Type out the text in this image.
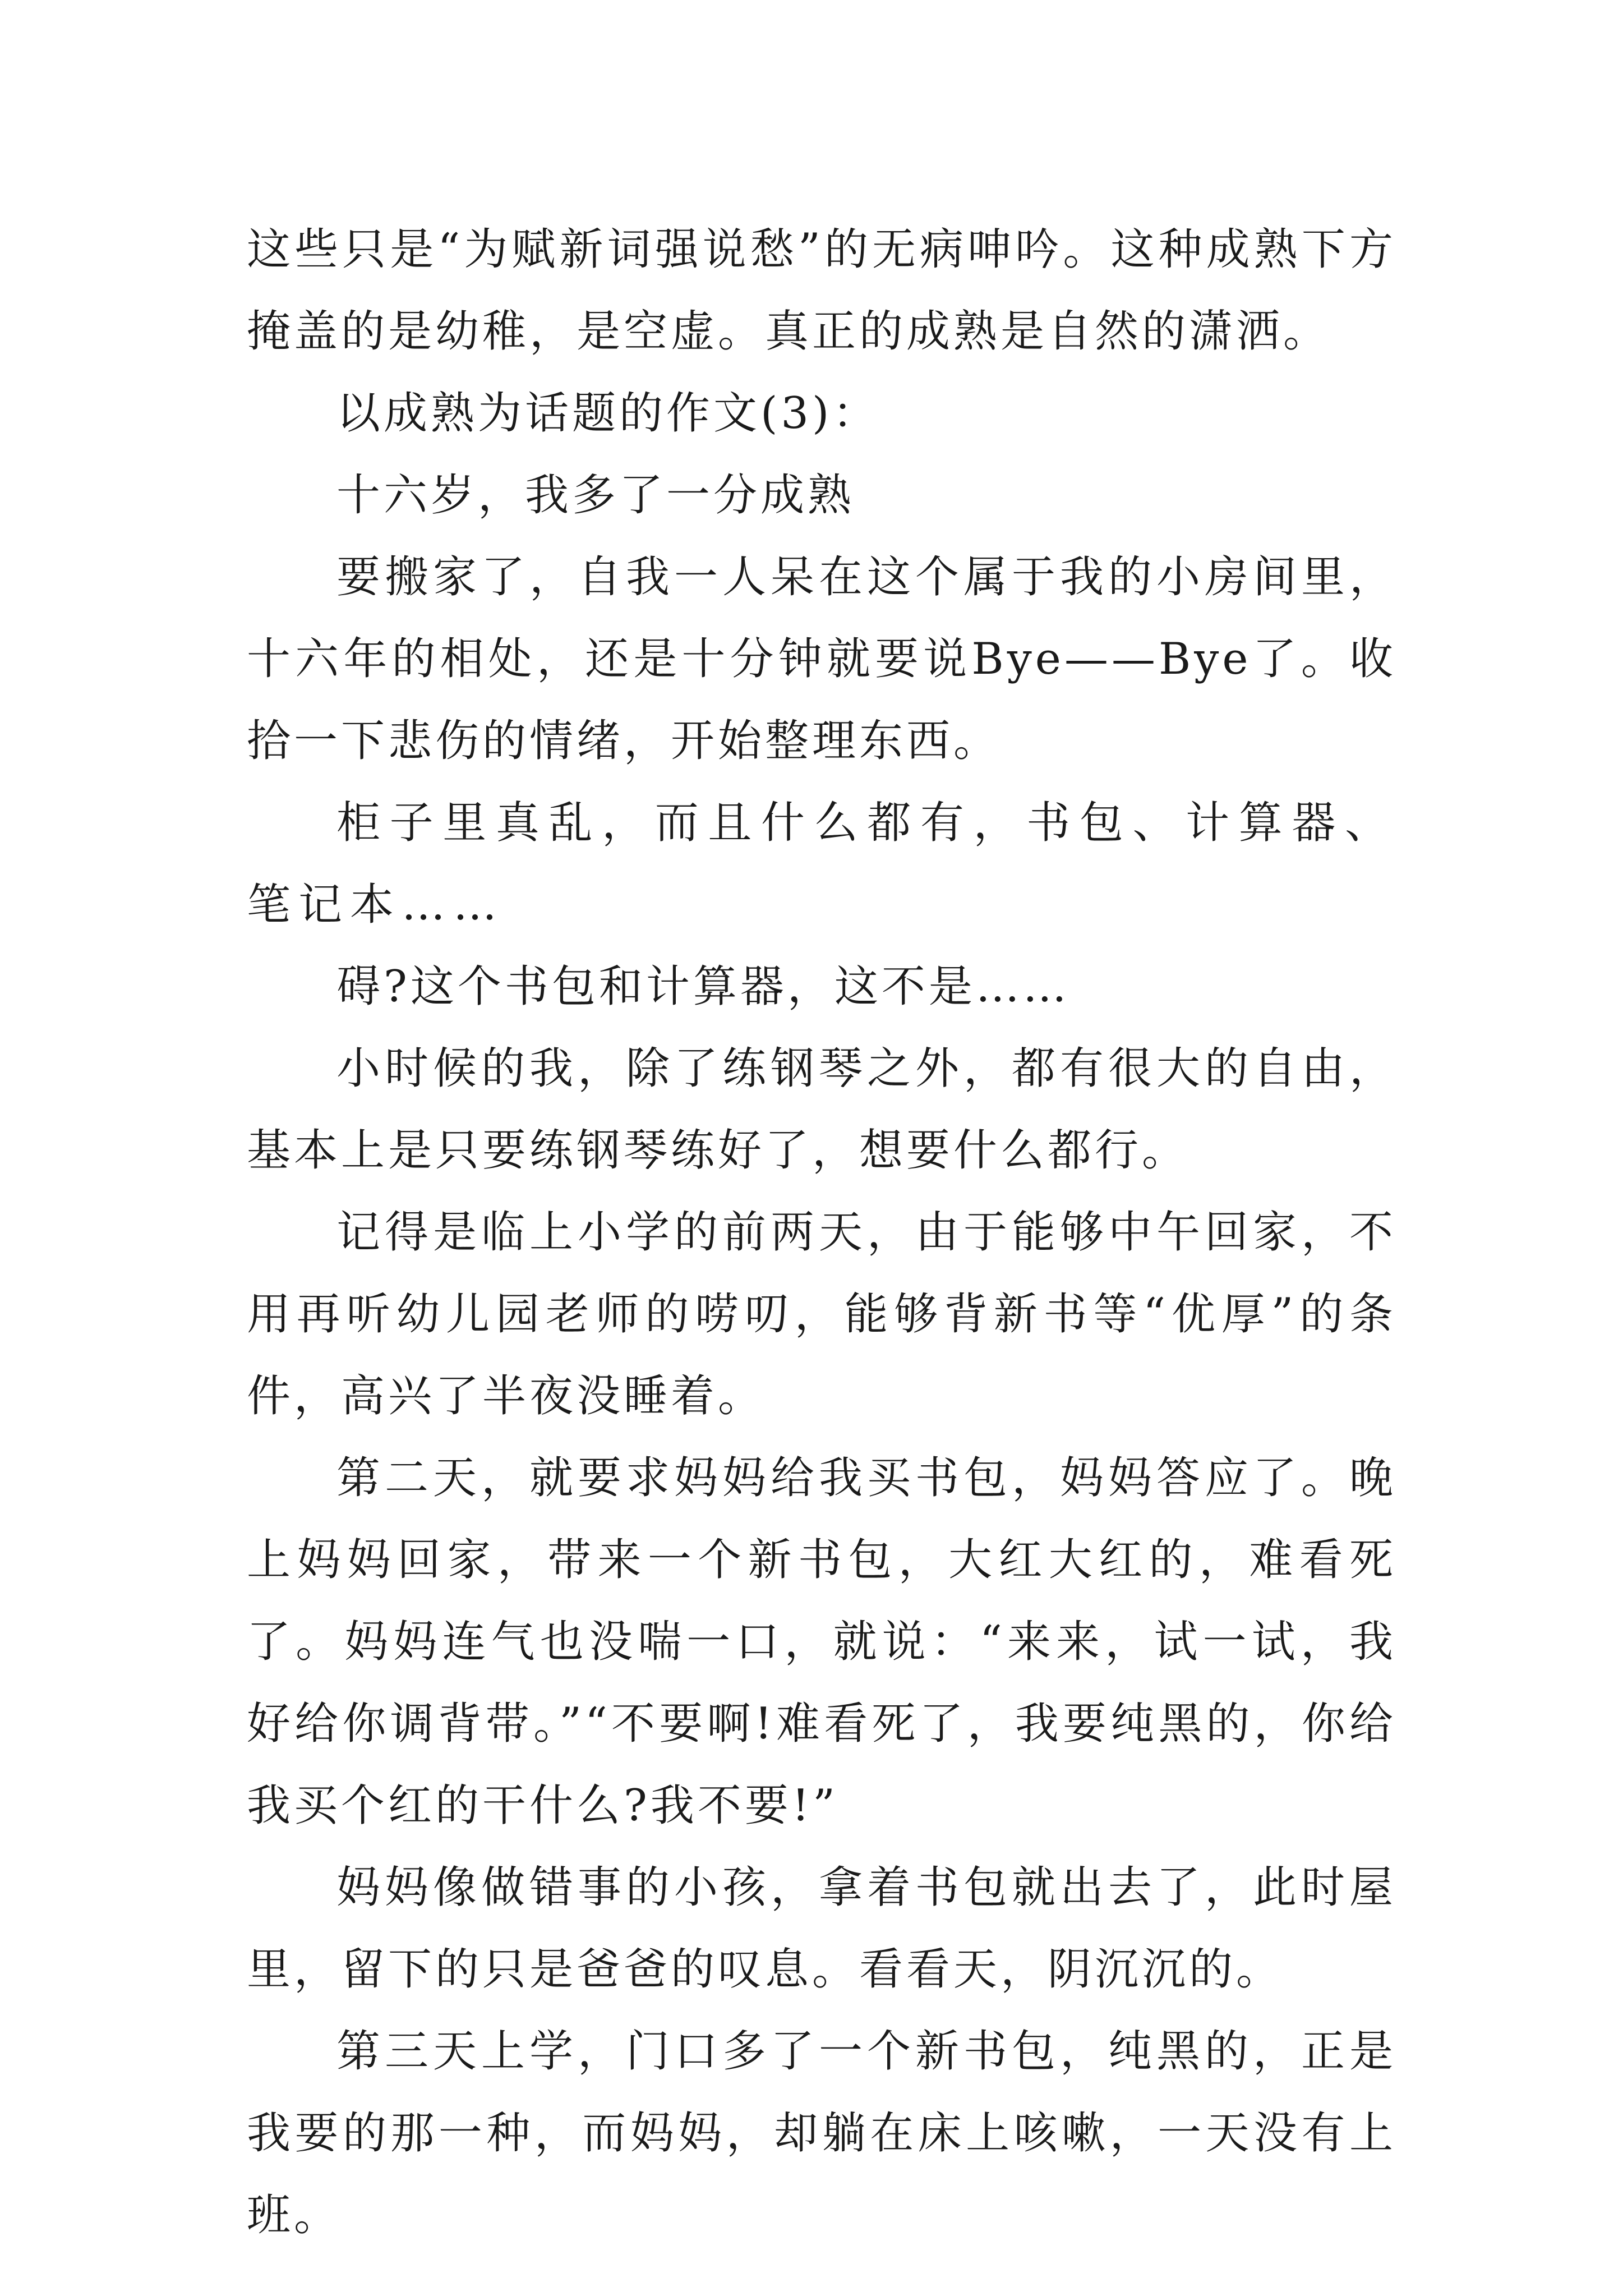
这些只是“为赋新词强说愁”的无病呻吟。这种成熟下方掩盖的是幼稚，是空虚。真正的成熟是自然的潇洒。

以成熟为话题的作文(3)：

十六岁，我多了一分成熟

要搬家了，自我一人呆在这个属于我的小房间里，十六年的相处，还是十分钟就要说Bye——Bye了。收拾一下悲伤的情绪，开始整理东西。

柜子里真乱，而且什么都有，书包、计算器、笔记本……

碍?这个书包和计算器，这不是……

小时候的我，除了练钢琴之外，都有很大的自由，基本上是只要练钢琴练好了，想要什么都行。

记得是临上小学的前两天，由于能够中午回家，不用再听幼儿园老师的唠叨，能够背新书等“优厚”的条件，高兴了半夜没睡着。

第二天，就要求妈妈给我买书包，妈妈答应了。晚上妈妈回家，带来一个新书包，大红大红的，难看死了。妈妈连气也没喘一口，就说：“来来，试一试，我好给你调背带。”“不要啊!难看死了，我要纯黑的，你给我买个红的干什么?我不要!”

妈妈像做错事的小孩，拿着书包就出去了，此时屋里，留下的只是爸爸的叹息。看看天，阴沉沉的。

第三天上学，门口多了一个新书包，纯黑的，正是我要的那一种，而妈妈，却躺在床上咳嗽，一天没有上班。
